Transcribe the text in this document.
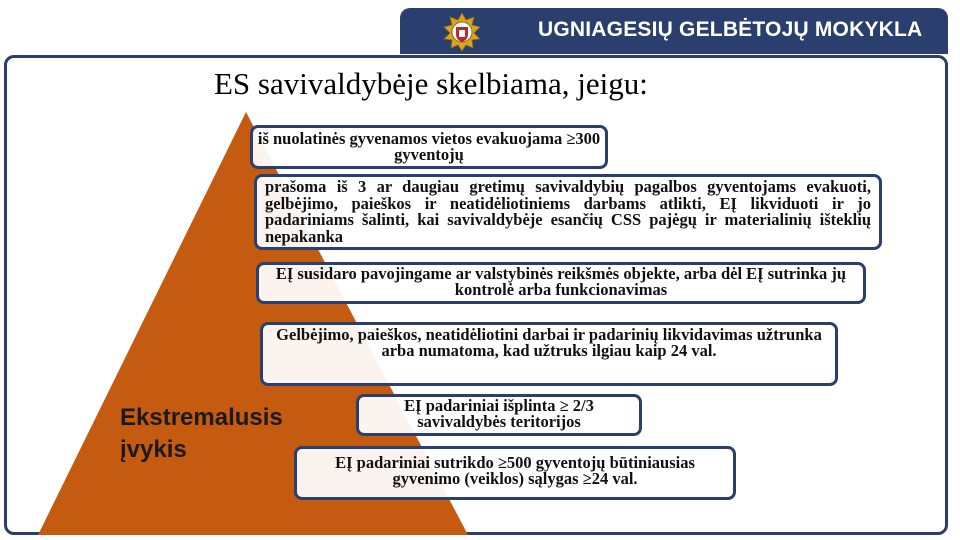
UGNIAGESIŲ GELBĖTOJŲ MOKYKLA
ES savivaldybėje skelbiama, jeigu:
Ekstremalusis įvykis
iš nuolatinės gyvenamos vietos evakuojama ≥300 gyventojų
prašoma iš 3 ar daugiau gretimų savivaldybių pagalbos gyventojams evakuoti, gelbėjimo, paieškos ir neatidėliotiniems darbams atlikti, EĮ likviduoti ir jo padariniams šalinti, kai savivaldybėje esančių CSS pajėgų ir materialinių išteklių nepakanka
EĮ susidaro pavojingame ar valstybinės reikšmės objekte, arba dėl EĮ sutrinka jų kontrolė arba funkcionavimas
Gelbėjimo, paieškos, neatidėliotini darbai ir padarinių likvidavimas užtrunka arba numatoma, kad užtruks ilgiau kaip 24 val.
EĮ padariniai išplinta ≥ 2/3 savivaldybės teritorijos
EĮ padariniai sutrikdo ≥500 gyventojų būtiniausias gyvenimo (veiklos) sąlygas ≥24 val.
